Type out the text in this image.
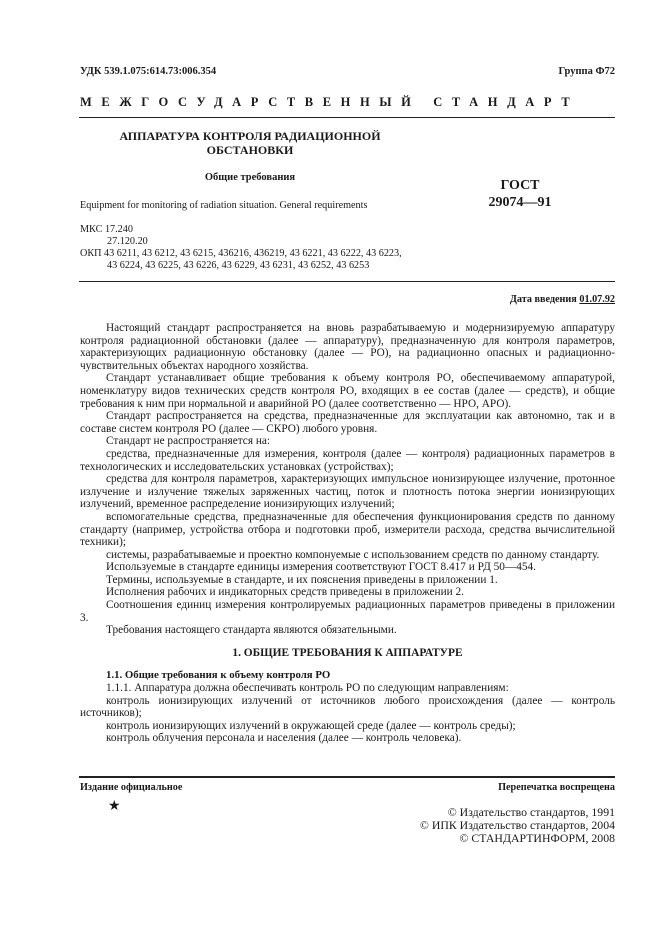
УДК 539.1.075:614.73:006.354	Группа Ф72
МЕЖГОСУДАРСТВЕННЫЙ СТАНДАРТ
АППАРАТУРА КОНТРОЛЯ РАДИАЦИОННОЙ
ОБСТАНОВКИ
Общие требования
Equipment for monitoring of radiation situation. General requirements
ГОСТ
29074—91
МКС 17.240
27.120.20
ОКП 43 6211, 43 6212, 43 6215, 436216, 436219, 43 6221, 43 6222, 43 6223,
43 6224, 43 6225, 43 6226, 43 6229, 43 6231, 43 6252, 43 6253
Дата введения 01.07.92

Настоящий стандарт распространяется на вновь разрабатываемую и модернизируемую аппаратуру контроля радиационной обстановки (далее — аппаратуру), предназначенную для контроля параметров, характеризующих радиационную обстановку (далее — РО), на радиационно опасных и радиационно-чувствительных объектах народного хозяйства.

Стандарт устанавливает общие требования к объему контроля РО, обеспечиваемому аппаратурой, номенклатуру видов технических средств контроля РО, входящих в ее состав (далее — средств), и общие требования к ним при нормальной и аварийной РО (далее соответственно — НРО, АРО).

Стандарт распространяется на средства, предназначенные для эксплуатации как автономно, так и в составе систем контроля РО (далее — СКРО) любого уровня.

Стандарт не распространяется на:

средства, предназначенные для измерения, контроля (далее — контроля) радиационных параметров в технологических и исследовательских установках (устройствах);

средства для контроля параметров, характеризующих импульсное ионизирующее излучение, протонное излучение и излучение тяжелых заряженных частиц, поток и плотность потока энергии ионизирующих излучений, временное распределение ионизирующих излучений;

вспомогательные средства, предназначенные для обеспечения функционирования средств по данному стандарту (например, устройства отбора и подготовки проб, измерители расхода, средства вычислительной техники);

системы, разрабатываемые и проектно компонуемые с использованием средств по данному стандарту.

Используемые в стандарте единицы измерения соответствуют ГОСТ 8.417 и РД 50—454.

Термины, используемые в стандарте, и их пояснения приведены в приложении 1.

Исполнения рабочих и индикаторных средств приведены в приложении 2.

Соотношения единиц измерения контролируемых радиационных параметров приведены в приложении 3.

Требования настоящего стандарта являются обязательными.

1. ОБЩИЕ ТРЕБОВАНИЯ К АППАРАТУРЕ

1.1. Общие требования к объему контроля РО

1.1.1. Аппаратура должна обеспечивать контроль РО по следующим направлениям:

контроль ионизирующих излучений от источников любого происхождения (далее — контроль источников);

контроль ионизирующих излучений в окружающей среде (далее — контроль среды);

контроль облучения персонала и населения (далее — контроль человека).

Издание официальное	Перепечатка воспрещена
★	© Издательство стандартов, 1991
© ИПК Издательство стандартов, 2004
© СТАНДАРТИНФОРМ, 2008
